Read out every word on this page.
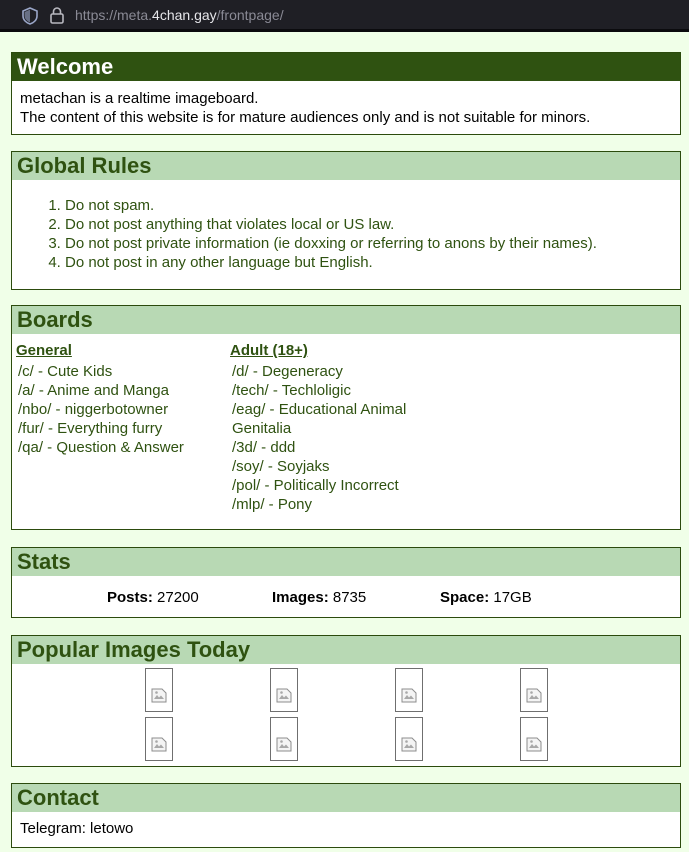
https://meta.4chan.gay/frontpage/
Welcome
metachan is a realtime imageboard.
The content of this website is for mature audiences only and is not suitable for minors.
Global Rules
1. Do not spam.
2. Do not post anything that violates local or US law.
3. Do not post private information (ie doxxing or referring to anons by their names).
4. Do not post in any other language but English.
Boards
General
/c/ - Cute Kids
/a/ - Anime and Manga
/nbo/ - niggerbotowner
/fur/ - Everything furry
/qa/ - Question & Answer
Adult (18+)
/d/ - Degeneracy
/tech/ - Techloligic
/eag/ - Educational Animal Genitalia
/3d/ - ddd
/soy/ - Soyjaks
/pol/ - Politically Incorrect
/mlp/ - Pony
Stats
Posts: 27200	Images: 8735	Space: 17GB
Popular Images Today
Contact
Telegram: letowo
